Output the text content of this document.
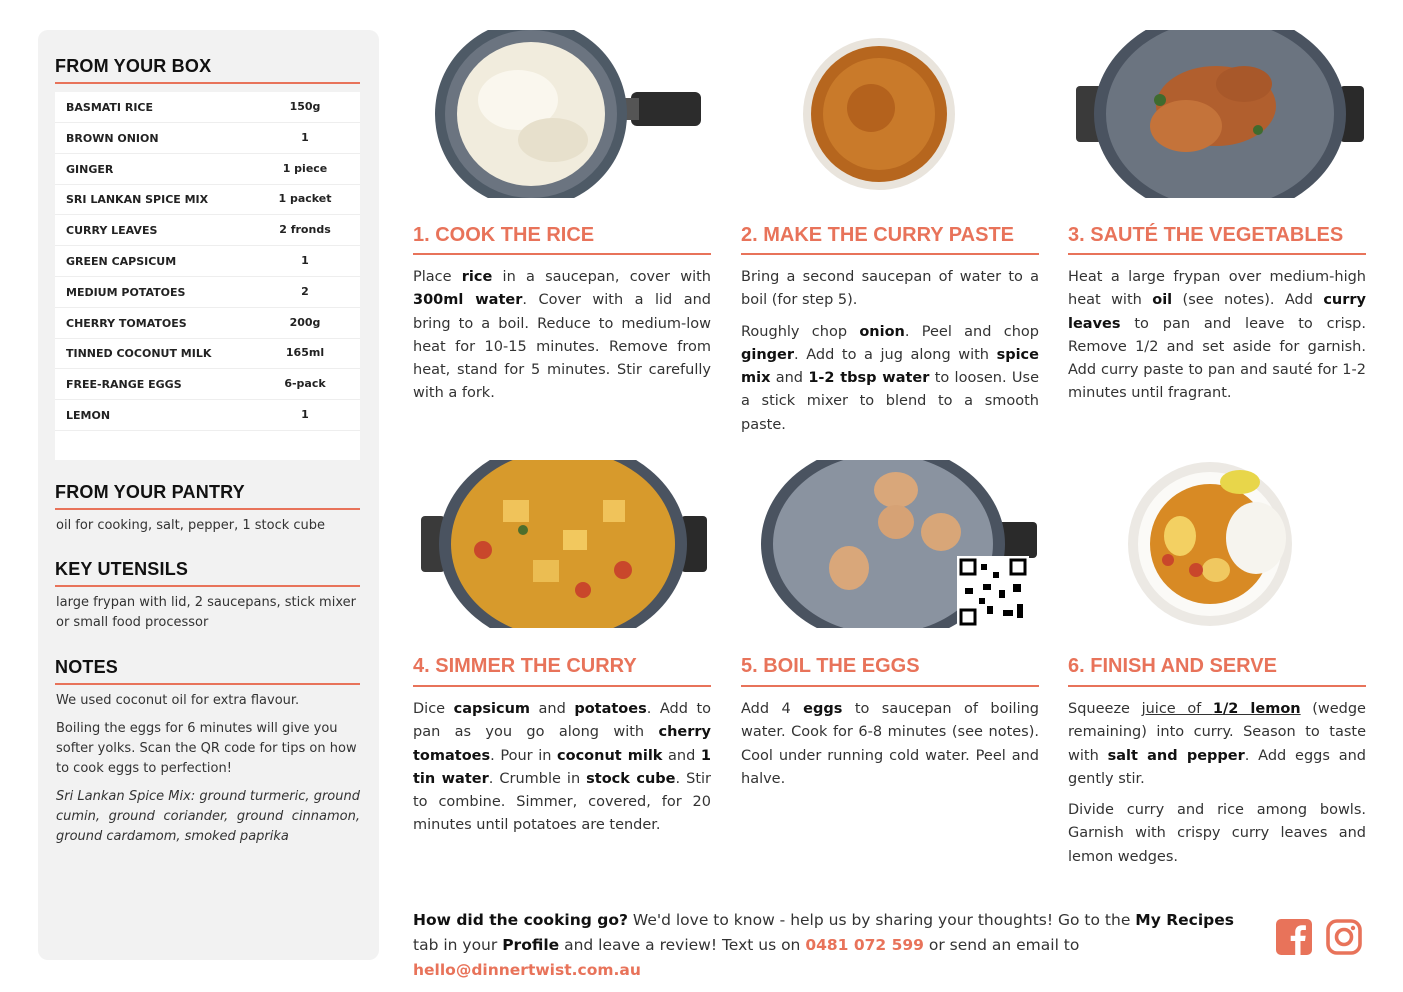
FROM YOUR BOX
BASMATI RICE	150g
BROWN ONION	1
GINGER	1 piece
SRI LANKAN SPICE MIX	1 packet
CURRY LEAVES	2 fronds
GREEN CAPSICUM	1
MEDIUM POTATOES	2
CHERRY TOMATOES	200g
TINNED COCONUT MILK	165ml
FREE-RANGE EGGS	6-pack
LEMON	1
FROM YOUR PANTRY
oil for cooking, salt, pepper, 1 stock cube
KEY UTENSILS
large frypan with lid, 2 saucepans, stick mixer or small food processor
NOTES

We used coconut oil for extra flavour.

Boiling the eggs for 6 minutes will give you softer yolks. Scan the QR code for tips on how to cook eggs to perfection!

Sri Lankan Spice Mix: ground turmeric, ground cumin, ground coriander, ground cinnamon, ground cardamom, smoked paprika

1. COOK THE RICE	2. MAKE THE CURRY PASTE	3. SAUTÉ THE VEGETABLES
4. SIMMER THE CURRY	5. BOIL THE EGGS	6. FINISH AND SERVE

Place rice in a saucepan, cover with 300ml water. Cover with a lid and bring to a boil. Reduce to medium-low heat for 10-15 minutes. Remove from heat, stand for 5 minutes. Stir carefully with a fork.

Bring a second saucepan of water to a boil (for step 5).

Roughly chop onion. Peel and chop ginger. Add to a jug along with spice mix and 1-2 tbsp water to loosen. Use a stick mixer to blend to a smooth paste.

Heat a large frypan over medium-high heat with oil (see notes). Add curry leaves to pan and leave to crisp. Remove 1/2 and set aside for garnish. Add curry paste to pan and sauté for 1-2 minutes until fragrant.

Dice capsicum and potatoes. Add to pan as you go along with cherry tomatoes. Pour in coconut milk and 1 tin water. Crumble in stock cube. Stir to combine. Simmer, covered, for 20 minutes until potatoes are tender.

Add 4 eggs to saucepan of boiling water. Cook for 6-8 minutes (see notes). Cool under running cold water. Peel and halve.

Squeeze juice of 1/2 lemon (wedge remaining) into curry. Season to taste with salt and pepper. Add eggs and gently stir.

Divide curry and rice among bowls. Garnish with crispy curry leaves and lemon wedges.

How did the cooking go? We'd love to know - help us by sharing your thoughts! Go to the My Recipes tab in your Profile and leave a review! Text us on 0481 072 599 or send an email to hello@dinnertwist.com.au
